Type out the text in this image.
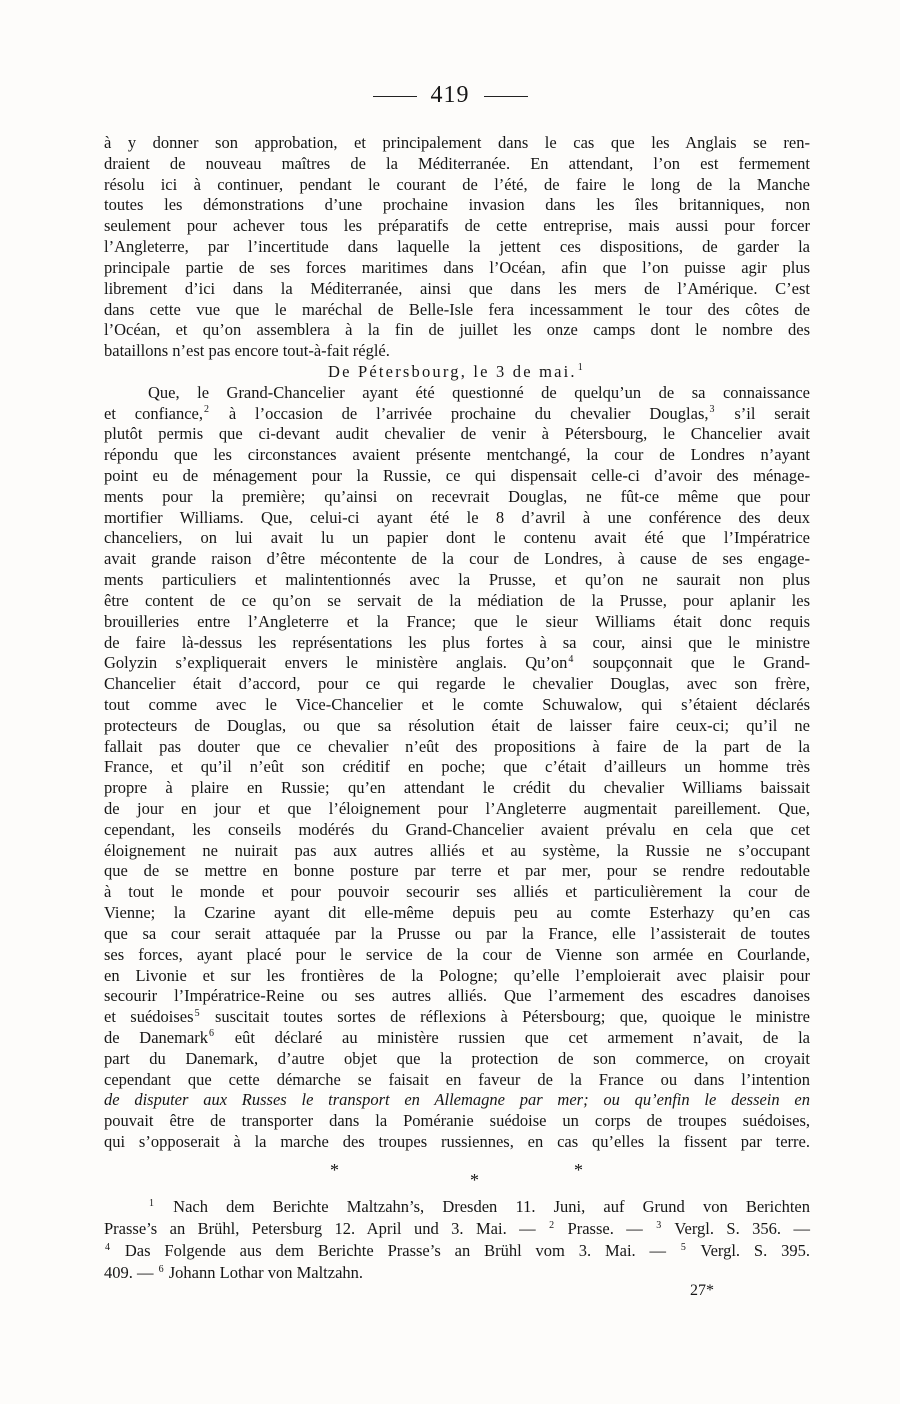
419
à y donner son approbation, et principalement dans le cas que les Anglais se ren-
draient de nouveau maîtres de la Méditerranée. En attendant, l’on est fermement
résolu ici à continuer, pendant le courant de l’été, de faire le long de la Manche
toutes les démonstrations d’une prochaine invasion dans les îles britanniques, non
seulement pour achever tous les préparatifs de cette entreprise, mais aussi pour forcer
l’Angleterre, par l’incertitude dans laquelle la jettent ces dispositions, de garder la
principale partie de ses forces maritimes dans l’Océan, afin que l’on puisse agir plus
librement d’ici dans la Méditerranée, ainsi que dans les mers de l’Amérique. C’est
dans cette vue que le maréchal de Belle-Isle fera incessamment le tour des côtes de
l’Océan, et qu’on assemblera à la fin de juillet les onze camps dont le nombre des
bataillons n’est pas encore tout-à-fait réglé.
De Pétersbourg, le 3 de mai.$^1$
Que, le Grand-Chancelier ayant été questionné de quelqu’un de sa connaissance
et confiance,$^2$ à l’occasion de l’arrivée prochaine du chevalier Douglas,$^3$ s’il serait
plutôt permis que ci-devant audit chevalier de venir à Pétersbourg, le Chancelier avait
répondu que les circonstances avaient présente mentchangé, la cour de Londres n’ayant
point eu de ménagement pour la Russie, ce qui dispensait celle-ci d’avoir des ménage-
ments pour la première; qu’ainsi on recevrait Douglas, ne fût-ce même que pour
mortifier Williams. Que, celui-ci ayant été le 8 d’avril à une conférence des deux
chanceliers, on lui avait lu un papier dont le contenu avait été que l’Impératrice
avait grande raison d’être mécontente de la cour de Londres, à cause de ses engage-
ments particuliers et malintentionnés avec la Prusse, et qu’on ne saurait non plus
être content de ce qu’on se servait de la médiation de la Prusse, pour aplanir les
brouilleries entre l’Angleterre et la France; que le sieur Williams était donc requis
de faire là-dessus les représentations les plus fortes à sa cour, ainsi que le ministre
Golyzin s’expliquerait envers le ministère anglais. Qu’on$^4$ soupçonnait que le Grand-
Chancelier était d’accord, pour ce qui regarde le chevalier Douglas, avec son frère,
tout comme avec le Vice-Chancelier et le comte Schuwalow, qui s’étaient déclarés
protecteurs de Douglas, ou que sa résolution était de laisser faire ceux-ci; qu’il ne
fallait pas douter que ce chevalier n’eût des propositions à faire de la part de la
France, et qu’il n’eût son créditif en poche; que c’était d’ailleurs un homme très
propre à plaire en Russie; qu’en attendant le crédit du chevalier Williams baissait
de jour en jour et que l’éloignement pour l’Angleterre augmentait pareillement. Que,
cependant, les conseils modérés du Grand-Chancelier avaient prévalu en cela que cet
éloignement ne nuirait pas aux autres alliés et au système, la Russie ne s’occupant
que de se mettre en bonne posture par terre et par mer, pour se rendre redoutable
à tout le monde et pour pouvoir secourir ses alliés et particulièrement la cour de
Vienne; la Czarine ayant dit elle-même depuis peu au comte Esterhazy qu’en cas
que sa cour serait attaquée par la Prusse ou par la France, elle l’assisterait de toutes
ses forces, ayant placé pour le service de la cour de Vienne son armée en Courlande,
en Livonie et sur les frontières de la Pologne; qu’elle l’emploierait avec plaisir pour
secourir l’Impératrice-Reine ou ses autres alliés. Que l’armement des escadres danoises
et suédoises$^5$ suscitait toutes sortes de réflexions à Pétersbourg; que, quoique le ministre
de Danemark$^6$ eût déclaré au ministère russien que cet armement n’avait, de la
part du Danemark, d’autre objet que la protection de son commerce, on croyait
cependant que cette démarche se faisait en faveur de la France ou dans l’intention
de disputer aux Russes le transport en Allemagne par mer; ou qu’enfin le dessein en
pouvait être de transporter dans la Poméranie suédoise un corps de troupes suédoises,
qui s’opposerait à la marche des troupes russiennes, en cas qu’elles la fissent par terre.
*	*	*
$^1$ Nach dem Berichte Maltzahn’s, Dresden 11. Juni, auf Grund von Berichten
Prasse’s an Brühl, Petersburg 12. April und 3. Mai. — $^2$ Prasse. — $^3$ Vergl. S. 356. —
$^4$ Das Folgende aus dem Berichte Prasse’s an Brühl vom 3. Mai. — $^5$ Vergl. S. 395.
409. — $^6$ Johann Lothar von Maltzahn.
27*
